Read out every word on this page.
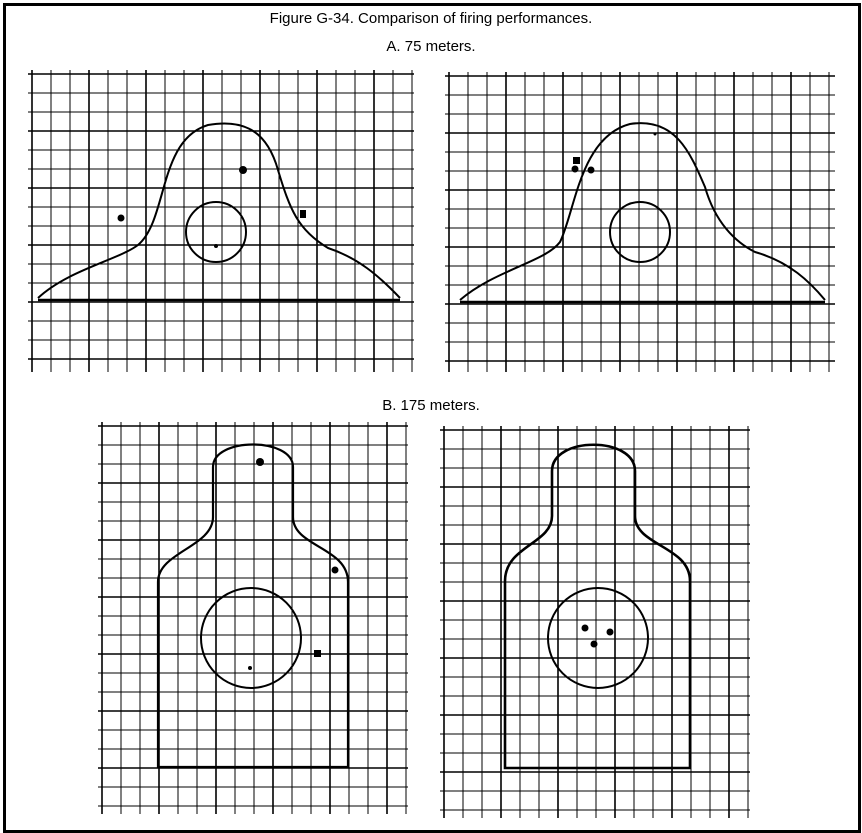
Figure G-34. Comparison of firing performances.
A. 75 meters.
B. 175 meters.
